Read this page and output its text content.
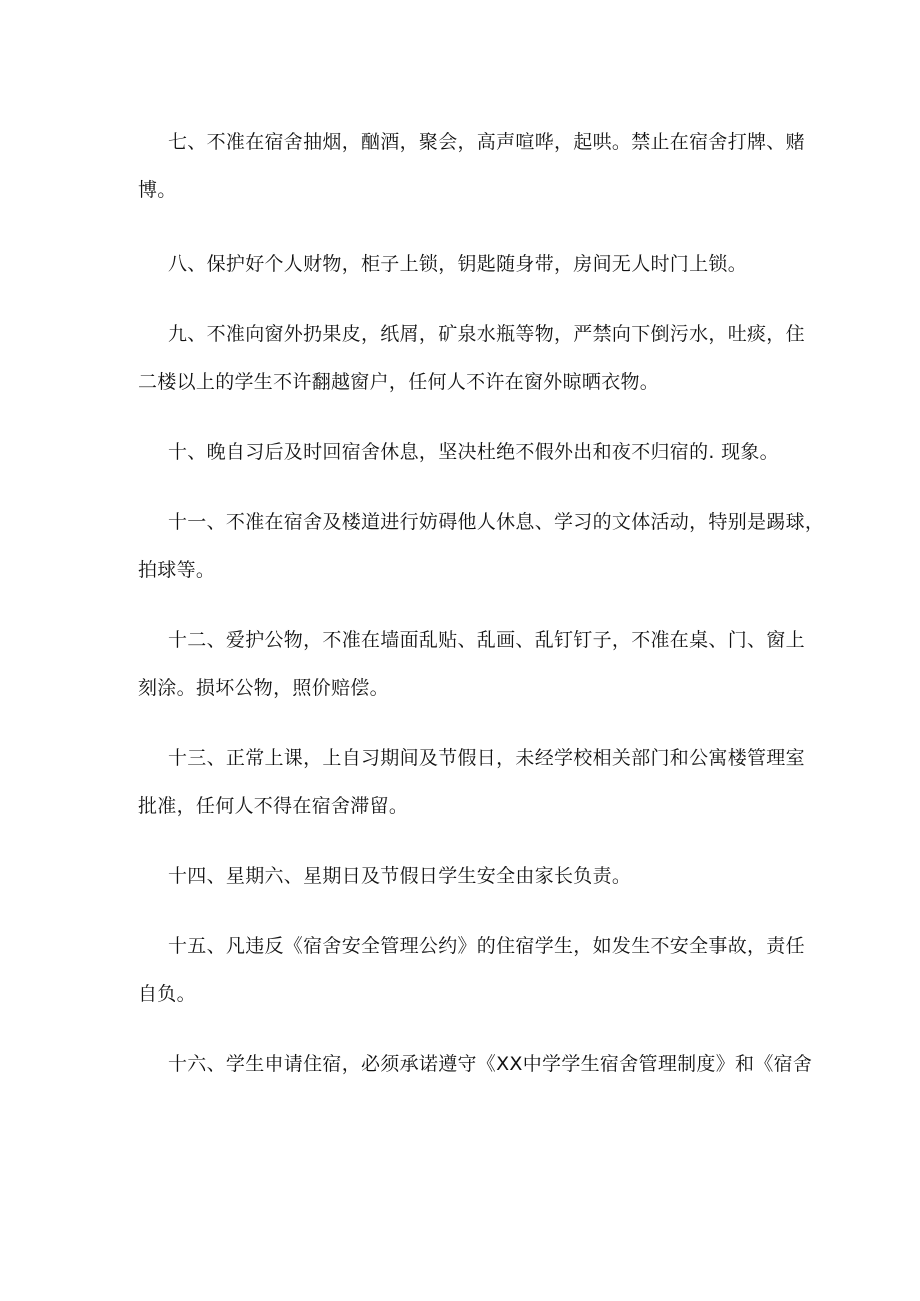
七、不准在宿舍抽烟，酗酒，聚会，高声喧哗，起哄。禁止在宿舍打牌、赌
博。
八、保护好个人财物，柜子上锁，钥匙随身带，房间无人时门上锁。
九、不准向窗外扔果皮，纸屑，矿泉水瓶等物，严禁向下倒污水，吐痰，住
二楼以上的学生不许翻越窗户，任何人不许在窗外晾晒衣物。
十、晚自习后及时回宿舍休息，坚决杜绝不假外出和夜不归宿的. 现象。
十一、不准在宿舍及楼道进行妨碍他人休息、学习的文体活动，特别是踢球，
拍球等。
十二、爱护公物，不准在墙面乱贴、乱画、乱钉钉子，不准在桌、门、窗上
刻涂。损坏公物，照价赔偿。
十三、正常上课，上自习期间及节假日，未经学校相关部门和公寓楼管理室
批准，任何人不得在宿舍滞留。
十四、星期六、星期日及节假日学生安全由家长负责。
十五、凡违反《宿舍安全管理公约》的住宿学生，如发生不安全事故，责任
自负。
十六、学生申请住宿，必须承诺遵守《XX中学学生宿舍管理制度》和《宿舍
